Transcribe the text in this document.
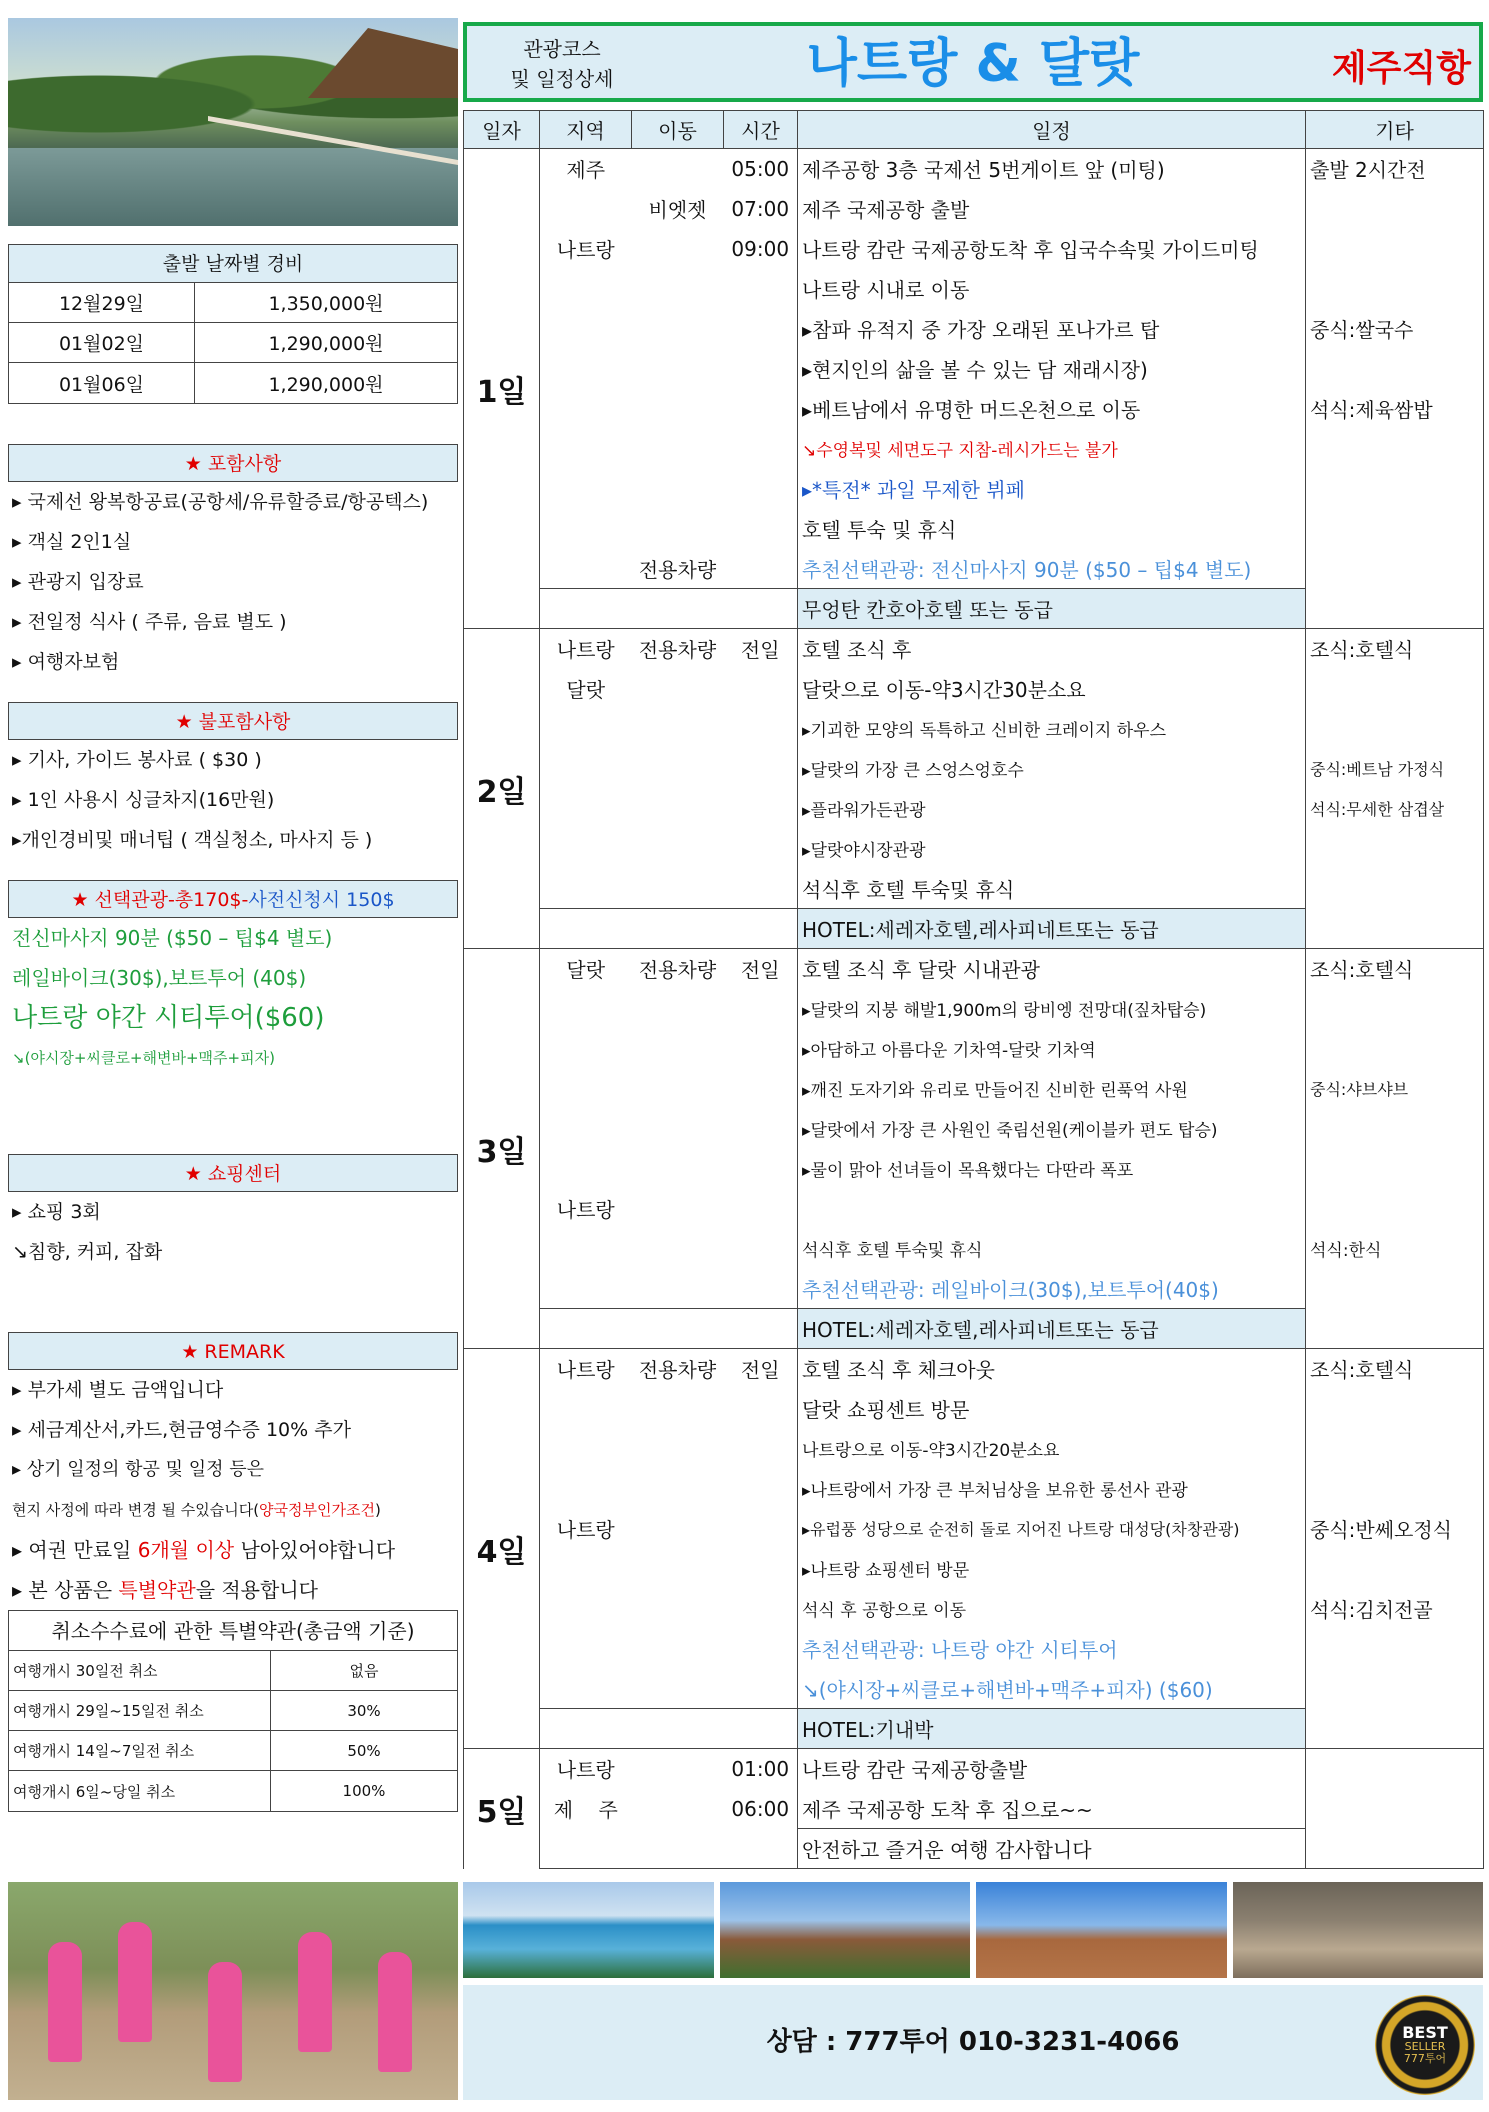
출발 날짜별 경비
12월29일	1,350,000원
01월02일	1,290,000원
01월06일	1,290,000원
★ 포함사항
▸ 국제선 왕복항공료(공항세/유류할증료/항공텍스)
▸ 객실 2인1실
▸ 관광지 입장료
▸ 전일정 식사 ( 주류, 음료 별도 )
▸ 여행자보험
★ 불포함사항
▸ 기사, 가이드 봉사료 ( $30 )
▸ 1인 사용시 싱글차지(16만원)
▸개인경비및 매너팁 ( 객실청소, 마사지 등 )
★ 선택관광-총170$-사전신청시 150$
전신마사지 90분 ($50 – 팁$4 별도)
레일바이크(30$),보트투어 (40$)
나트랑 야간 시티투어($60)
↘(야시장+씨클로+해변바+맥주+피자)
★ 쇼핑센터
▸ 쇼핑 3회
↘침향, 커피, 잡화
★ REMARK
▸ 부가세 별도 금액입니다
▸ 세금계산서,카드,현금영수증 10% 추가
▸ 상기 일정의 항공 및 일정 등은
현지 사정에 따라 변경 될 수있습니다(양국정부인가조건)
▸ 여권 만료일 6개월 이상 남아있어야합니다
▸ 본 상품은 특별약관을 적용합니다
취소수수료에 관한 특별약관(총금액 기준)
여행개시 30일전 취소	없음
여행개시 29일~15일전 취소	30%
여행개시 14일~7일전 취소	50%
여행개시 6일~당일 취소	100%
관광코스
및 일정상세	나트랑 & 달랏	제주직항
일자	지역	이동	시간	일정	기타
1일	제주		05:00	제주공항 3층 국제선 5번게이트 앞 (미팅)	출발 2시간전
		비엣젯	07:00	제주 국제공항 출발	
	나트랑		09:00	나트랑 캄란 국제공항도착 후 입국수속및 가이드미팅	
				나트랑 시내로 이동	
				▸참파 유적지 중 가장 오래된 포나가르 탑	중식:쌀국수
				▸현지인의 삶을 볼 수 있는 담 재래시장)	
				▸베트남에서 유명한 머드온천으로 이동	석식:제육쌈밥
				↘수영복및 세면도구 지참-레시가드는 불가	
				▸*특전* 과일 무제한 뷔페	
				호텔 투숙 및 휴식	
		전용차량		추천선택관광: 전신마사지 90분 ($50 – 팁$4 별도)	
				무엉탄 칸호아호텔 또는 동급	
2일	나트랑	전용차량	전일	호텔 조식 후	조식:호텔식
	달랏			달랏으로 이동-약3시간30분소요	
				▸기괴한 모양의 독특하고 신비한 크레이지 하우스	
				▸달랏의 가장 큰 스엉스엉호수	중식:베트남 가정식
				▸플라워가든관광	석식:무세한 삼겹살
				▸달랏야시장관광	
				석식후 호텔 투숙및 휴식	
				HOTEL:세레자호텔,레사피네트또는 동급	
3일	달랏	전용차량	전일	호텔 조식 후 달랏 시내관광	조식:호텔식
				▸달랏의 지붕 해발1,900m의 랑비엥 전망대(짚차탑승)	
				▸아담하고 아름다운 기차역-달랏 기차역	
				▸깨진 도자기와 유리로 만들어진 신비한 린푹억 사원	중식:샤브샤브
				▸달랏에서 가장 큰 사원인 죽림선원(케이블카 편도 탑승)	
				▸물이 맑아 선녀들이 목욕했다는 다딴라 폭포	
	나트랑				
				석식후 호텔 투숙및 휴식	석식:한식
				추천선택관광: 레일바이크(30$),보트투어(40$)	
				HOTEL:세레자호텔,레사피네트또는 동급	
4일	나트랑	전용차량	전일	호텔 조식 후 체크아웃	조식:호텔식
				달랏 쇼핑센트 방문	
				나트랑으로 이동-약3시간20분소요	
				▸나트랑에서 가장 큰 부처님상을 보유한 롱선사 관광	
	나트랑			▸유럽풍 성당으로 순전히 돌로 지어진 나트랑 대성당(차창관광)	중식:반쎄오정식
				▸나트랑 쇼핑센터 방문	
				석식 후 공항으로 이동	석식:김치전골
				추천선택관광: 나트랑 야간 시티투어	
				↘(야시장+씨클로+해변바+맥주+피자) ($60)	
				HOTEL:기내박	
5일	나트랑		01:00	나트랑 캄란 국제공항출발	
	제    주		06:00	제주 국제공항 도착 후 집으로~~	
				안전하고 즐거운 여행 감사합니다	
상담 : 777투어 010-3231-4066	BEST
SELLER
777투어
